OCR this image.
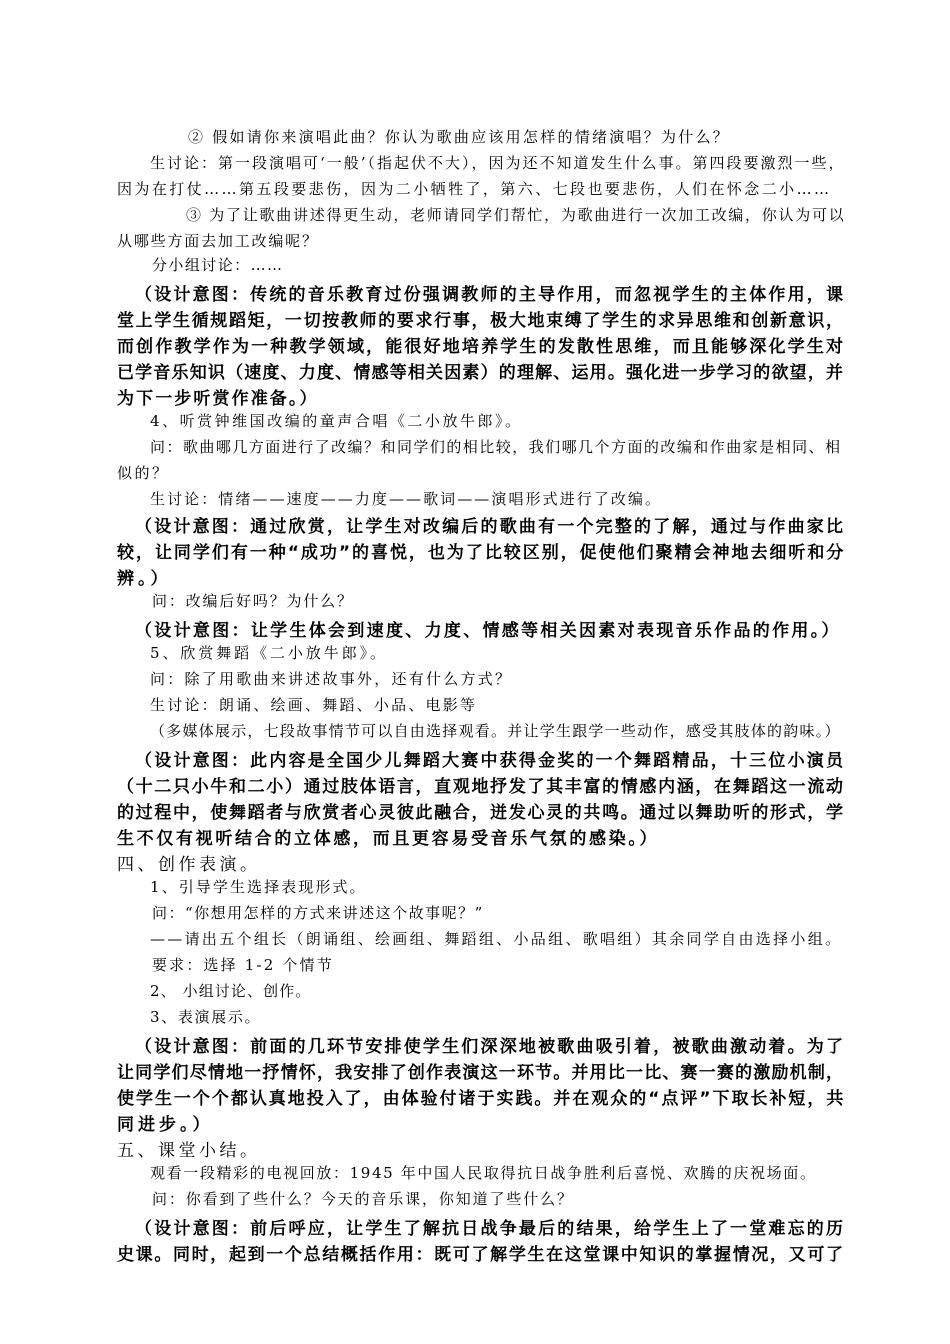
② 假如请你来演唱此曲？你认为歌曲应该用怎样的情绪演唱？为什么？
生讨论：第一段演唱可‘一般’（指起伏不大），因为还不知道发生什么事。第四段要激烈一些，
因为在打仗……第五段要悲伤，因为二小牺牲了，第六、七段也要悲伤，人们在怀念二小……
③ 为了让歌曲讲述得更生动，老师请同学们帮忙，为歌曲进行一次加工改编，你认为可以
从哪些方面去加工改编呢？
分小组讨论：……
（设计意图：传统的音乐教育过份强调教师的主导作用，而忽视学生的主体作用，课
堂上学生循规蹈矩，一切按教师的要求行事，极大地束缚了学生的求异思维和创新意识，
而创作教学作为一种教学领域，能很好地培养学生的发散性思维，而且能够深化学生对
已学音乐知识（速度、力度、情感等相关因素）的理解、运用。强化进一步学习的欲望，并
为下一步听赏作准备。）
4、听赏钟维国改编的童声合唱《二小放牛郎》。
问：歌曲哪几方面进行了改编？和同学们的相比较，我们哪几个方面的改编和作曲家是相同、相
似的？
生讨论：情绪——速度——力度——歌词——演唱形式进行了改编。
（设计意图：通过欣赏，让学生对改编后的歌曲有一个完整的了解，通过与作曲家比
较，让同学们有一种“成功”的喜悦，也为了比较区别，促使他们聚精会神地去细听和分
辨。）
问：改编后好吗？为什么？
（设计意图：让学生体会到速度、力度、情感等相关因素对表现音乐作品的作用。）
5、欣赏舞蹈《二小放牛郎》。
问：除了用歌曲来讲述故事外，还有什么方式？
生讨论：朗诵、绘画、舞蹈、小品、电影等
（多媒体展示，七段故事情节可以自由选择观看。并让学生跟学一些动作，感受其肢体的韵味。）
（设计意图：此内容是全国少儿舞蹈大赛中获得金奖的一个舞蹈精品，十三位小演员
（十二只小牛和二小）通过肢体语言，直观地抒发了其丰富的情感内涵，在舞蹈这一流动
的过程中，使舞蹈者与欣赏者心灵彼此融合，迸发心灵的共鸣。通过以舞助听的形式，学
生不仅有视听结合的立体感，而且更容易受音乐气氛的感染。）
四、创作表演。
1、引导学生选择表现形式。
问：“你想用怎样的方式来讲述这个故事呢？”
——请出五个组长（朗诵组、绘画组、舞蹈组、小品组、歌唱组）其余同学自由选择小组。
要求：选择 1-2 个情节
2、 小组讨论、创作。
3、表演展示。
（设计意图：前面的几环节安排使学生们深深地被歌曲吸引着，被歌曲激动着。为了
让同学们尽情地一抒情怀，我安排了创作表演这一环节。并用比一比、赛一赛的激励机制，
使学生一个个都认真地投入了，由体验付诸于实践。并在观众的“点评”下取长补短，共
同进步。）
五、课堂小结。
观看一段精彩的电视回放：1945 年中国人民取得抗日战争胜利后喜悦、欢腾的庆祝场面。
问：你看到了些什么？今天的音乐课，你知道了些什么？
（设计意图：前后呼应，让学生了解抗日战争最后的结果，给学生上了一堂难忘的历
史课。同时，起到一个总结概括作用：既可了解学生在这堂课中知识的掌握情况，又可了
